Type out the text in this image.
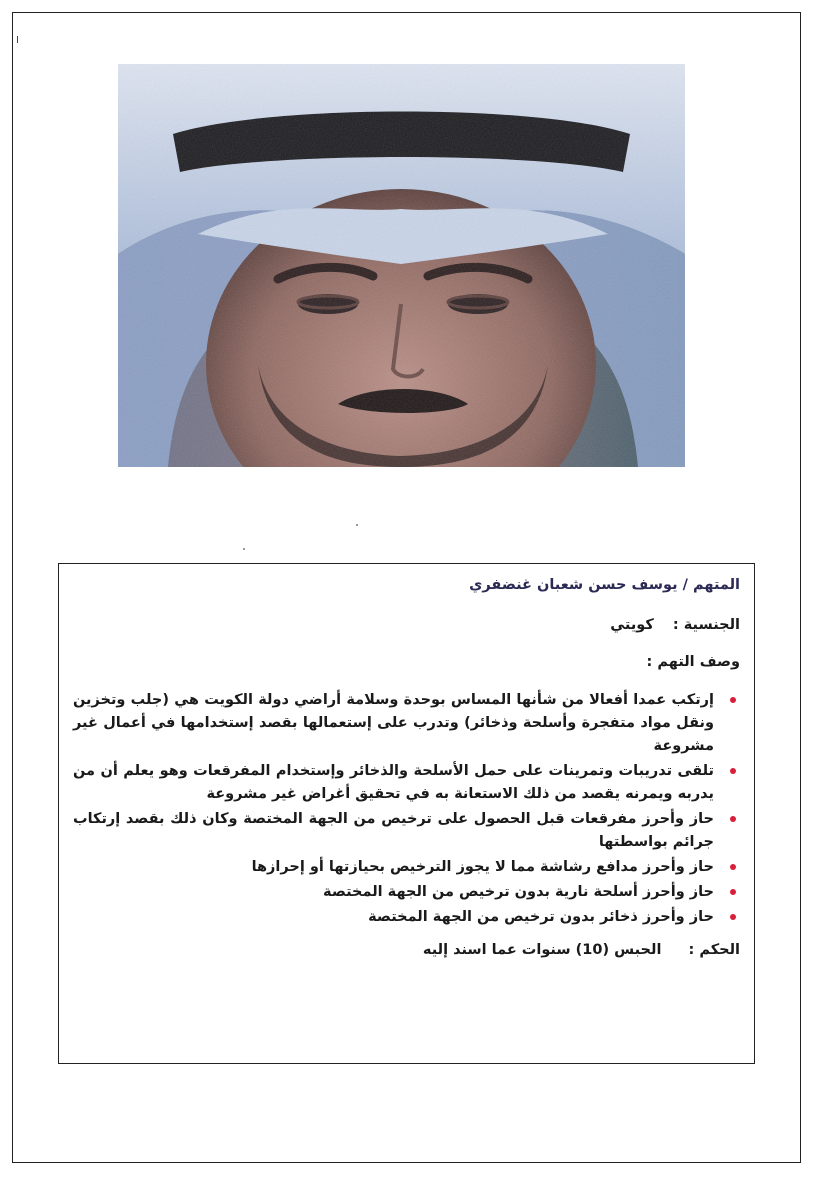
المتهم / يوسف حسن شعبان غنضفري
الجنسية : كويتي
وصف التهم :
إرتكب عمدا أفعالا من شأنها المساس بوحدة وسلامة أراضي دولة الكويت هي (جلب وتخزين ونقل مواد متفجرة وأسلحة وذخائر) وتدرب على إستعمالها بقصد إستخدامها في أعمال غير مشروعة
تلقى تدريبات وتمرينات على حمل الأسلحة والذخائر وإستخدام المفرقعات وهو يعلم أن من يدربه ويمرنه يقصد من ذلك الاستعانة به في تحقيق أغراض غير مشروعة
حاز وأحرز مفرقعات قبل الحصول على ترخيص من الجهة المختصة وكان ذلك بقصد إرتكاب جرائم بواسطتها
حاز وأحرز مدافع رشاشة مما لا يجوز الترخيص بحيازتها أو إحرازها
حاز وأحرز أسلحة نارية بدون ترخيص من الجهة المختصة
حاز وأحرز ذخائر بدون ترخيص من الجهة المختصة
الحكم : الحبس (10) سنوات عما اسند إليه
